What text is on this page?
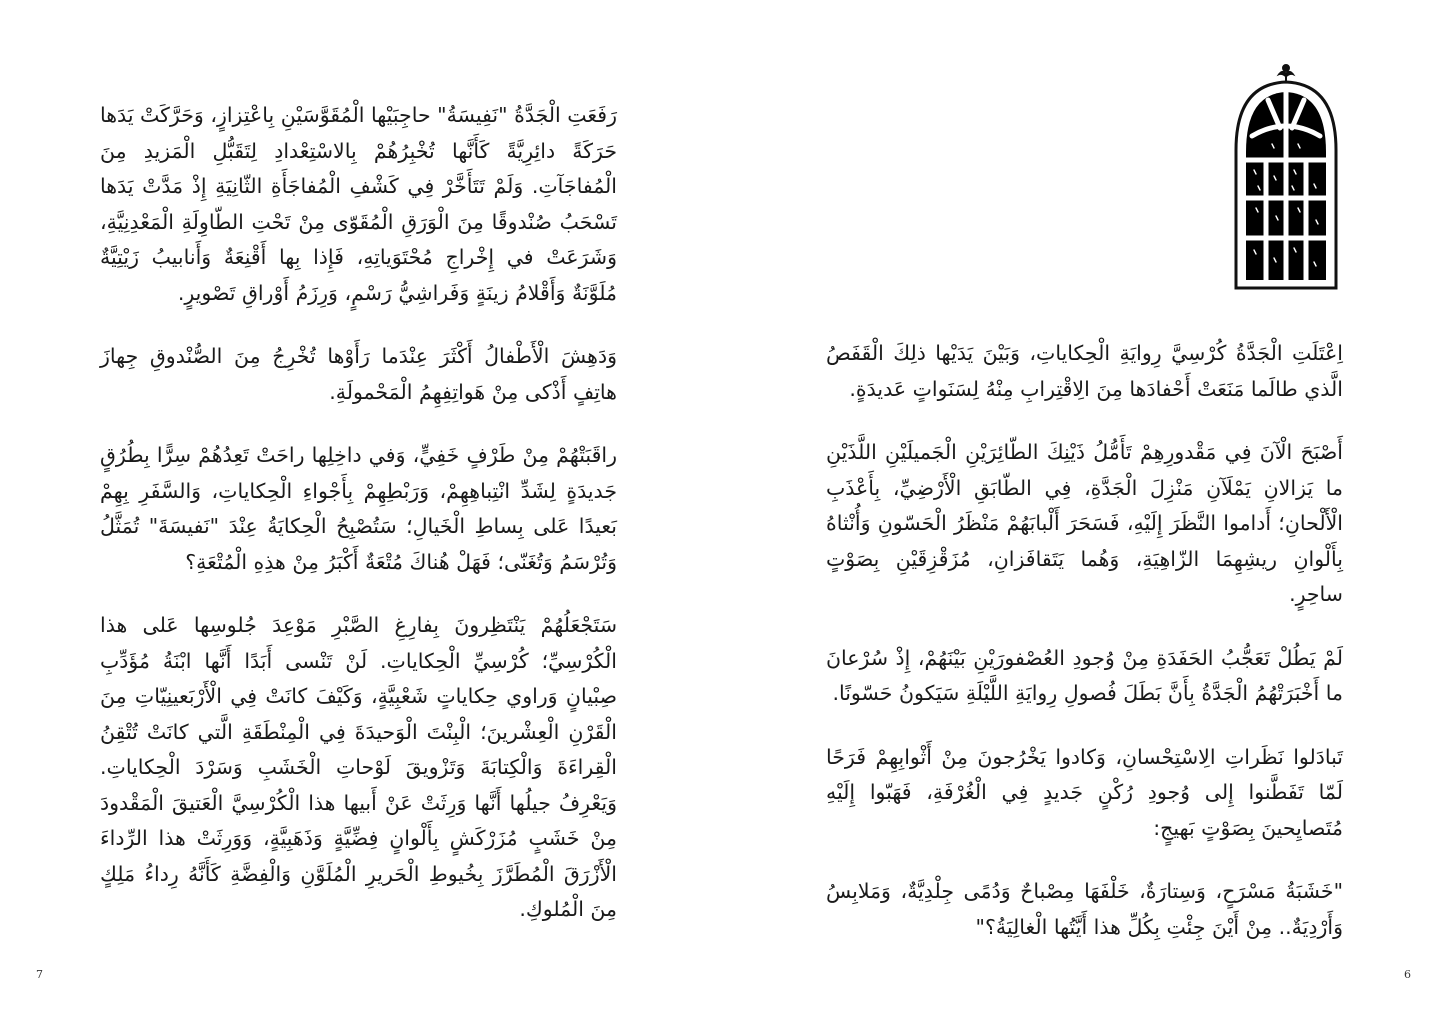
رَفَعَتِ الْجَدَّةُ "نَفِيسَةُ" حاجِبَيْها الْمُقَوَّسَيْنِ بِاعْتِزازٍ، وَحَرَّكَتْ يَدَها حَرَكَةً دائِرِيَّةً كَأَنَّها تُخْبِرُهُمْ بِالاسْتِعْدادِ لِتَقَبُّلِ الْمَزيدِ مِنَ الْمُفاجَآتِ. وَلَمْ تَتَأَخَّرْ فِي كَشْفِ الْمُفاجَأَةِ الثّانِيَةِ إِذْ مَدَّتْ يَدَها تَسْحَبُ صُنْدوقًا مِنَ الْوَرَقِ الْمُقَوّى مِنْ تَحْتِ الطّاوِلَةِ الْمَعْدِنِيَّةِ، وَشَرَعَتْ في إِخْراجِ مُحْتَوَياتِهِ، فَإِذا بِها أَقْنِعَةٌ وَأَنابيبُ زَيْتِيَّةٌ مُلَوَّنَةٌ وَأَقْلامُ زينَةٍ وَفَراشِيُّ رَسْمٍ، وَرِزَمُ أَوْراقِ تَصْويرٍ.

وَدَهِشَ الْأَطْفالُ أَكْثَرَ عِنْدَما رَأَوْها تُخْرِجُ مِنَ الصُّنْدوقِ جِهازَ هاتِفٍ أَذْكى مِنْ هَواتِفِهِمُ الْمَحْمولَةِ.

راقَبَتْهُمْ مِنْ طَرْفٍ خَفِيٍّ، وَفي داخِلِها راحَتْ تَعِدُهُمْ سِرًّا بِطُرُقٍ جَديدَةٍ لِشَدِّ انْتِباهِهِمْ، وَرَبْطِهِمْ بِأَجْواءِ الْحِكاياتِ، وَالسَّفَرِ بِهِمْ بَعيدًا عَلى بِساطِ الْخَيالِ؛ سَتُصْبِحُ الْحِكايَةُ عِنْدَ "نَفيسَةَ" تُمَثَّلُ وَتُرْسَمُ وَتُغَنّى؛ فَهَلْ هُناكَ مُتْعَةٌ أَكْبَرُ مِنْ هذِهِ الْمُتْعَةِ؟

سَتَجْعَلُهُمْ يَنْتَظِرونَ بِفارِغِ الصَّبْرِ مَوْعِدَ جُلوسِها عَلى هذا الْكُرْسِيِّ؛ كُرْسِيِّ الْحِكاياتِ. لَنْ تَنْسى أَبَدًا أَنَّها ابْنَةُ مُؤَدِّبِ صِبْيانٍ وَراوي حِكاياتٍ شَعْبِيَّةٍ، وَكَيْفَ كانَتْ فِي الْأَرْبَعينِيّاتِ مِنَ الْقَرْنِ الْعِشْرينَ؛ الْبِنْتَ الْوَحيدَةَ فِي الْمِنْطَقَةِ الَّتي كانَتْ تُتْقِنُ الْقِراءَةَ وَالْكِتابَةَ وَتَزْويقَ لَوْحاتِ الْخَشَبِ وَسَرْدَ الْحِكاياتِ. وَيَعْرِفُ جيلُها أَنَّها وَرِثَتْ عَنْ أَبيها هذا الْكُرْسِيَّ الْعَتيقَ الْمَقْدودَ مِنْ خَشَبٍ مُزَرْكَشٍ بِأَلْوانٍ فِضِّيَّةٍ وَذَهَبِيَّةٍ، وَوَرِثَتْ هذا الرِّداءَ الْأَزْرَقَ الْمُطَرَّزَ بِخُيوطِ الْحَريرِ الْمُلَوَّنِ وَالْفِضَّةِ كَأَنَّهُ رِداءُ مَلِكٍ مِنَ الْمُلوكِ.

7

اِعْتَلَتِ الْجَدَّةُ كُرْسِيَّ رِوايَةِ الْحِكاياتِ، وَبَيْنَ يَدَيْها ذلِكَ الْقَفَصُ الَّذي طالَما مَنَعَتْ أَحْفادَها مِنَ الِاقْتِرابِ مِنْهُ لِسَنَواتٍ عَديدَةٍ.

أَصْبَحَ الْآنَ فِي مَقْدورِهِمْ تَأَمُّلُ ذَيْنِكَ الطّائِرَيْنِ الْجَميلَيْنِ اللَّذَيْنِ ما يَزالانِ يَمْلَآنِ مَنْزِلَ الْجَدَّةِ، فِي الطّابَقِ الْأَرْضِيِّ، بِأَعْذَبِ الْأَلْحانِ؛ أَداموا النَّظَرَ إِلَيْهِ، فَسَحَرَ أَلْبابَهُمْ مَنْظَرُ الْحَسّونِ وَأُنْثاهُ بِأَلْوانِ ريشِهِمَا الزّاهِيَةِ، وَهُما يَتَقافَزانِ، مُزَقْزِقَيْنِ بِصَوْتٍ ساحِرٍ.

لَمْ يَطُلْ تَعَجُّبُ الحَفَدَةِ مِنْ وُجودِ العُصْفورَيْنِ بَيْنَهُمْ، إِذْ سُرْعانَ ما أَخْبَرَتْهُمُ الْجَدَّةُ بِأَنَّ بَطَلَ فُصولِ رِوايَةِ اللَّيْلَةِ سَيَكونُ حَسّونًا.

تَبادَلوا نَظَراتِ الِاسْتِحْسانِ، وَكادوا يَخْرُجونَ مِنْ أَثْوابِهِمْ فَرَحًا لَمّا تَفَطَّنوا إِلى وُجودِ رُكْنٍ جَديدٍ فِي الْغُرْفَةِ، فَهَبّوا إِلَيْهِ مُتَصايِحينَ بِصَوْتٍ بَهيجٍ:

"خَشَبَةُ مَسْرَحٍ، وَسِتارَةٌ، خَلْفَهَا مِصْباحٌ وَدُمًى جِلْدِيَّةٌ، وَمَلابِسُ وَأَرْدِيَةٌ.. مِنْ أَيْنَ جِئْتِ بِكُلِّ هذا أَيَّتُها الْغالِيَةُ؟"

6
